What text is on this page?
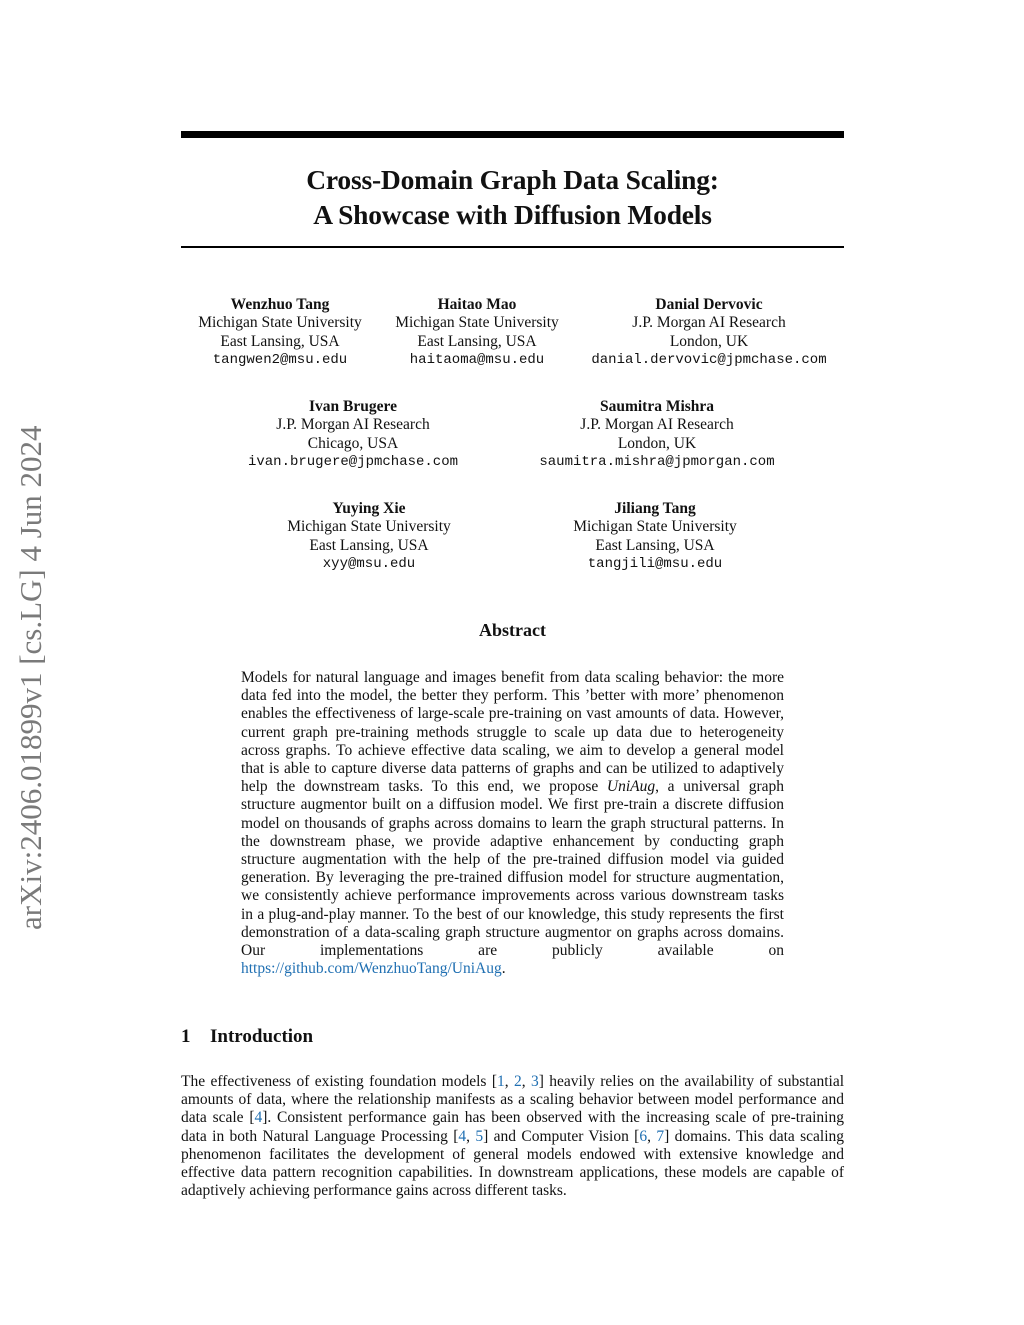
arXiv:2406.01899v1 [cs.LG] 4 Jun 2024
Cross-Domain Graph Data Scaling:
A Showcase with Diffusion Models
Wenzhuo Tang
Michigan State University
East Lansing, USA
tangwen2@msu.edu
Haitao Mao
Michigan State University
East Lansing, USA
haitaoma@msu.edu
Danial Dervovic
J.P. Morgan AI Research
London, UK
danial.dervovic@jpmchase.com
Ivan Brugere
J.P. Morgan AI Research
Chicago, USA
ivan.brugere@jpmchase.com
Saumitra Mishra
J.P. Morgan AI Research
London, UK
saumitra.mishra@jpmorgan.com
Yuying Xie
Michigan State University
East Lansing, USA
xyy@msu.edu
Jiliang Tang
Michigan State University
East Lansing, USA
tangjili@msu.edu
Abstract
Models for natural language and images benefit from data scaling behavior: the more data fed into the model, the better they perform. This ’better with more’ phenomenon enables the effectiveness of large-scale pre-training on vast amounts of data. However, current graph pre-training methods struggle to scale up data due to heterogeneity across graphs. To achieve effective data scaling, we aim to develop a general model that is able to capture diverse data patterns of graphs and can be utilized to adaptively help the downstream tasks. To this end, we propose UniAug, a universal graph structure augmentor built on a diffusion model. We first pre-train a discrete diffusion model on thousands of graphs across domains to learn the graph structural patterns. In the downstream phase, we provide adaptive enhancement by conducting graph structure augmentation with the help of the pre-trained diffusion model via guided generation. By leveraging the pre-trained diffusion model for structure augmentation, we consistently achieve performance improvements across various downstream tasks in a plug-and-play manner. To the best of our knowledge, this study represents the first demonstration of a data-scaling graph structure augmentor on graphs across domains. Our implementations are publicly available on https://github.com/WenzhuoTang/UniAug.
1 Introduction
The effectiveness of existing foundation models [1, 2, 3] heavily relies on the availability of substantial amounts of data, where the relationship manifests as a scaling behavior between model performance and data scale [4]. Consistent performance gain has been observed with the increasing scale of pre-training data in both Natural Language Processing [4, 5] and Computer Vision [6, 7] domains. This data scaling phenomenon facilitates the development of general models endowed with extensive knowledge and effective data pattern recognition capabilities. In downstream applications, these models are capable of adaptively achieving performance gains across different tasks.
